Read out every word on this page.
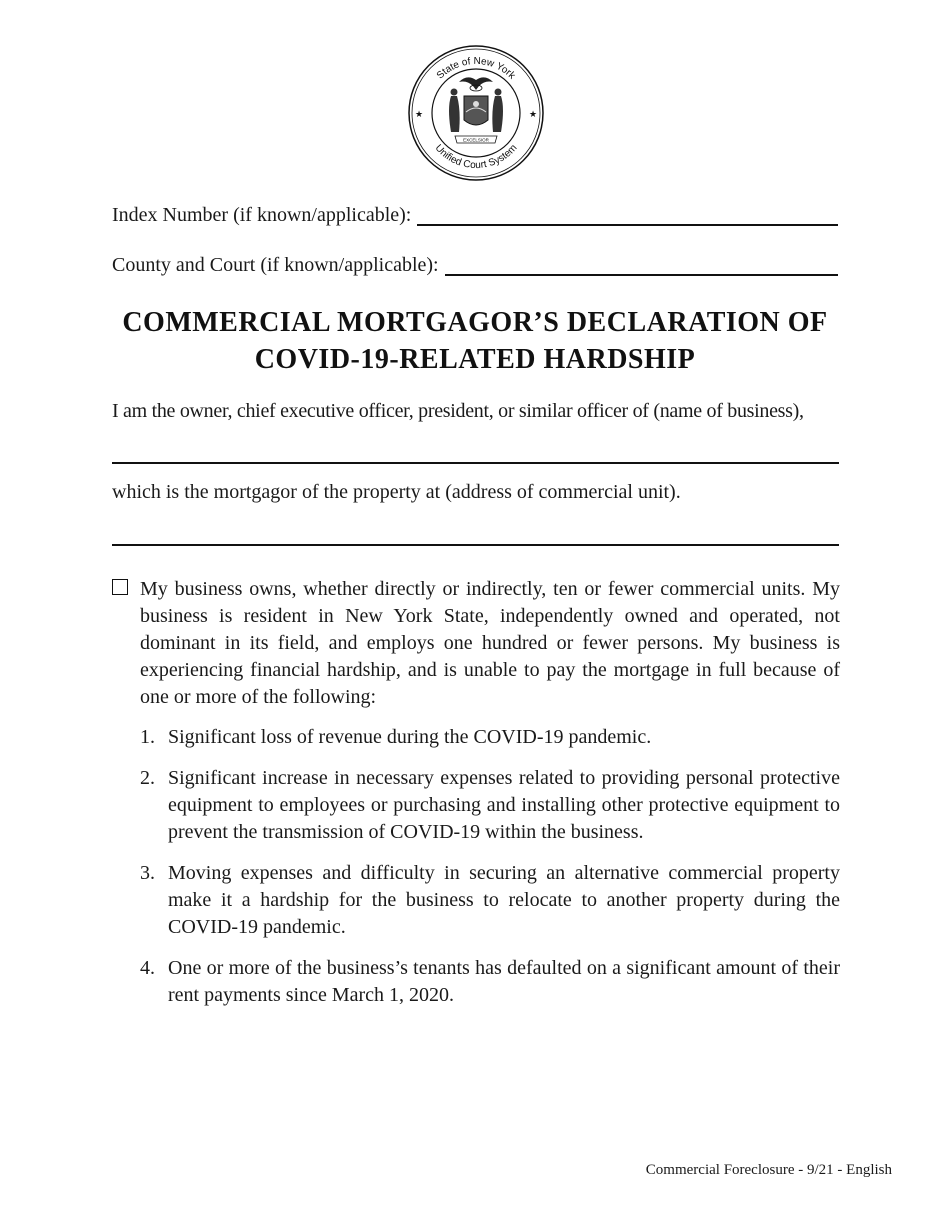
State of New York
Unified Court System
★	★
EXCELSIOR
Index Number (if known/applicable):
County and Court (if known/applicable):
COMMERCIAL MORTGAGOR’S DECLARATION OF
COVID-19-RELATED HARDSHIP
I am the owner, chief executive officer, president, or similar officer of (name of business),
which is the mortgagor of the property at (address of commercial unit).

My business owns, whether directly or indirectly, ten or fewer commercial units. My business is resident in New York State, independently owned and operated, not dominant in its field, and employs one hundred or fewer persons. My business is experiencing financial hardship, and is unable to pay the mortgage in full because of one or more of the following:

1. Significant loss of revenue during the COVID-19 pandemic.
2. Significant increase in necessary expenses related to providing personal protective equipment to employees or purchasing and installing other protective equipment to prevent the transmission of COVID-19 within the business.
3. Moving expenses and difficulty in securing an alternative commercial property make it a hardship for the business to relocate to another property during the COVID-19 pandemic.
4. One or more of the business’s tenants has defaulted on a significant amount of their rent payments since March 1, 2020.
Commercial Foreclosure - 9/21 - English
